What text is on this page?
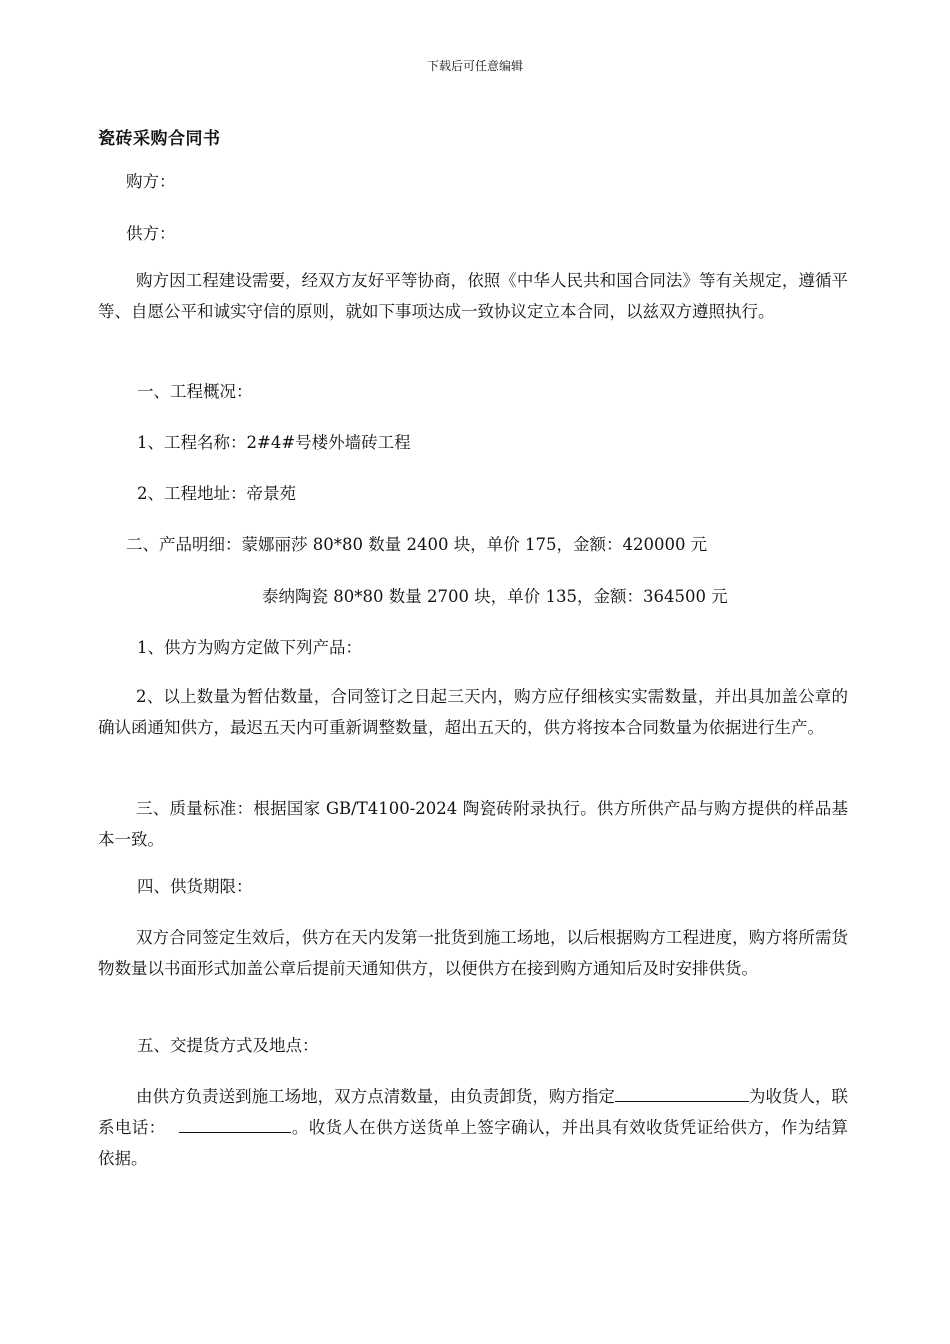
下载后可任意编辑
瓷砖采购合同书
购方：
供方：
购方因工程建设需要，经双方友好平等协商，依照《中华人民共和国合同法》等有关规定，遵循平等、自愿公平和诚实守信的原则，就如下事项达成一致协议定立本合同，以兹双方遵照执行。
一、工程概况：
1、工程名称：2#4#号楼外墙砖工程
2、工程地址：帝景苑
二、产品明细：蒙娜丽莎 80*80 数量 2400 块，单价 175，金额：420000 元
泰纳陶瓷 80*80 数量 2700 块，单价 135，金额：364500 元
1、供方为购方定做下列产品：
2、以上数量为暂估数量，合同签订之日起三天内，购方应仔细核实实需数量，并出具加盖公章的确认函通知供方，最迟五天内可重新调整数量，超出五天的，供方将按本合同数量为依据进行生产。
三、质量标准：根据国家 GB/T4100-2024 陶瓷砖附录执行。供方所供产品与购方提供的样品基本一致。
四、供货期限：
双方合同签定生效后，供方在天内发第一批货到施工场地，以后根据购方工程进度，购方将所需货物数量以书面形式加盖公章后提前天通知供方，以便供方在接到购方通知后及时安排供货。
五、交提货方式及地点：
由供方负责送到施工场地，双方点清数量，由负责卸货，购方指定	为收货人，联系电话：	。收货人在供方送货单上签字确认，并出具有效收货凭证给供方，作为结算依据。
